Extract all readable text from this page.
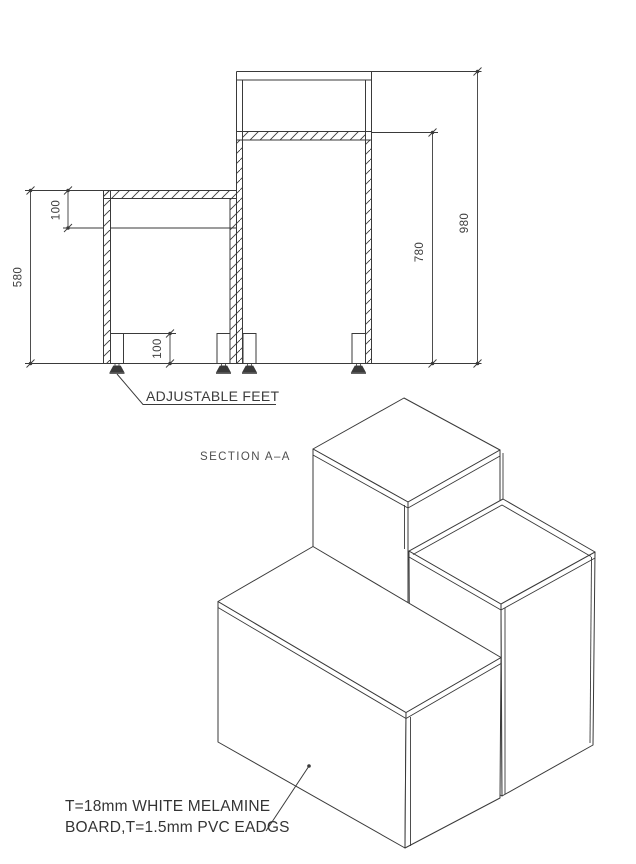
580
100
100
780
980
ADJUSTABLE FEET
SECTION A–A
T=18mm WHITE MELAMINE
BOARD,T=1.5mm PVC EADGS
